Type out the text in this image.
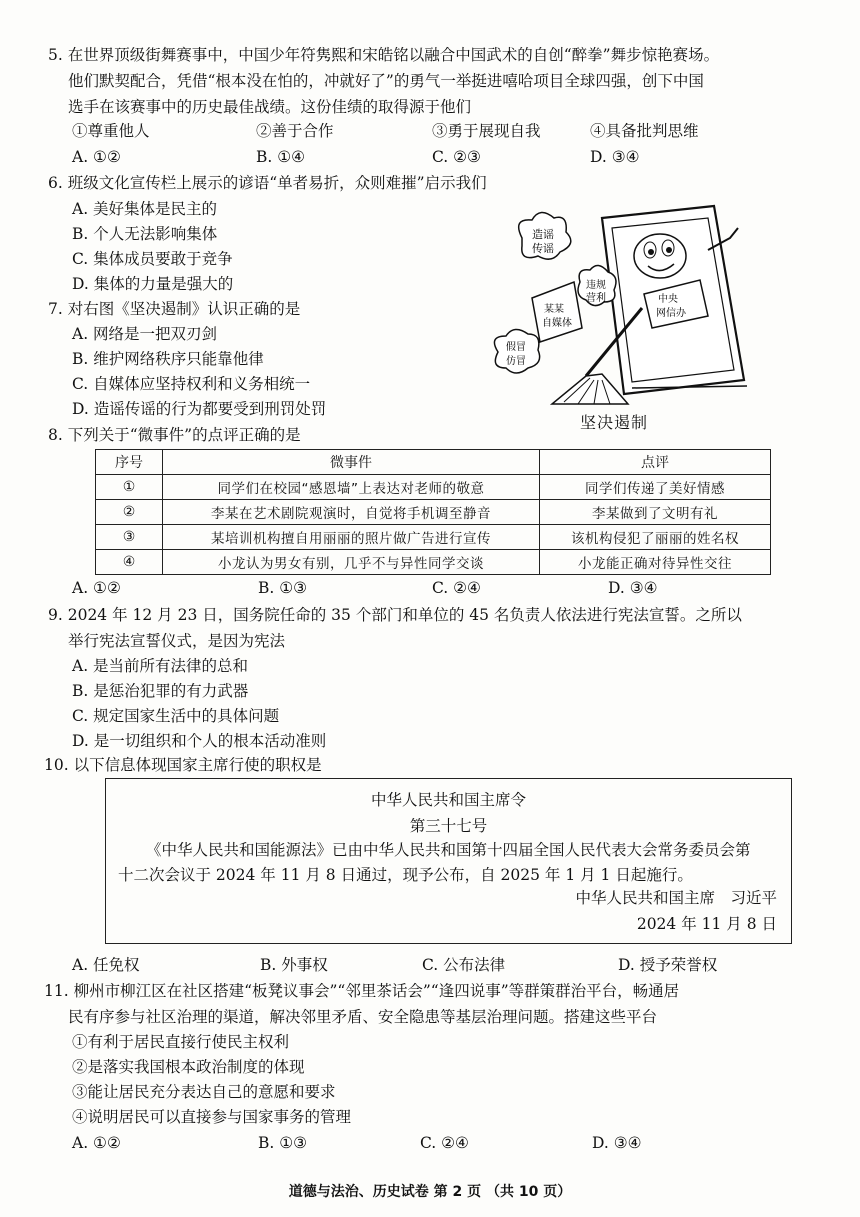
5. 在世界顶级街舞赛事中，中国少年符隽熙和宋皓铭以融合中国武术的自创“醉拳”舞步惊艳赛场。
他们默契配合，凭借“根本没在怕的，冲就好了”的勇气一举挺进嘻哈项目全球四强，创下中国
选手在该赛事中的历史最佳战绩。这份佳绩的取得源于他们
①尊重他人	②善于合作	③勇于展现自我	④具备批判思维
A. ①②	B. ①④	C. ②③	D. ③④
6. 班级文化宣传栏上展示的谚语“单者易折，众则难摧”启示我们
A. 美好集体是民主的
B. 个人无法影响集体
C. 集体成员要敢于竞争
D. 集体的力量是强大的
7. 对右图《坚决遏制》认识正确的是
A. 网络是一把双刃剑
B. 维护网络秩序只能靠他律
C. 自媒体应坚持权利和义务相统一
D. 造谣传谣的行为都要受到刑罚处罚
造谣
传谣
违规
营利
某某
自媒体
假冒
仿冒
中央
网信办
坚决遏制
8. 下列关于“微事件”的点评正确的是
序号	微事件	点评
①	同学们在校园“感恩墙”上表达对老师的敬意	同学们传递了美好情感
②	李某在艺术剧院观演时，自觉将手机调至静音	李某做到了文明有礼
③	某培训机构擅自用丽丽的照片做广告进行宣传	该机构侵犯了丽丽的姓名权
④	小龙认为男女有别，几乎不与异性同学交谈	小龙能正确对待异性交往
A. ①②	B. ①③	C. ②④	D. ③④
9. 2024 年 12 月 23 日，国务院任命的 35 个部门和单位的 45 名负责人依法进行宪法宣誓。之所以
举行宪法宣誓仪式，是因为宪法
A. 是当前所有法律的总和
B. 是惩治犯罪的有力武器
C. 规定国家生活中的具体问题
D. 是一切组织和个人的根本活动准则
10. 以下信息体现国家主席行使的职权是
中华人民共和国主席令
第三十七号
《中华人民共和国能源法》已由中华人民共和国第十四届全国人民代表大会常务委员会第
十二次会议于 2024 年 11 月 8 日通过，现予公布，自 2025 年 1 月 1 日起施行。
中华人民共和国主席　习近平
2024 年 11 月 8 日
A. 任免权	B. 外事权	C. 公布法律	D. 授予荣誉权
11. 柳州市柳江区在社区搭建“板凳议事会”“邻里茶话会”“逢四说事”等群策群治平台，畅通居
民有序参与社区治理的渠道，解决邻里矛盾、安全隐患等基层治理问题。搭建这些平台
①有利于居民直接行使民主权利
②是落实我国根本政治制度的体现
③能让居民充分表达自己的意愿和要求
④说明居民可以直接参与国家事务的管理
A. ①②	B. ①③	C. ②④	D. ③④
道德与法治、历史试卷 第 2 页 （共 10 页）
